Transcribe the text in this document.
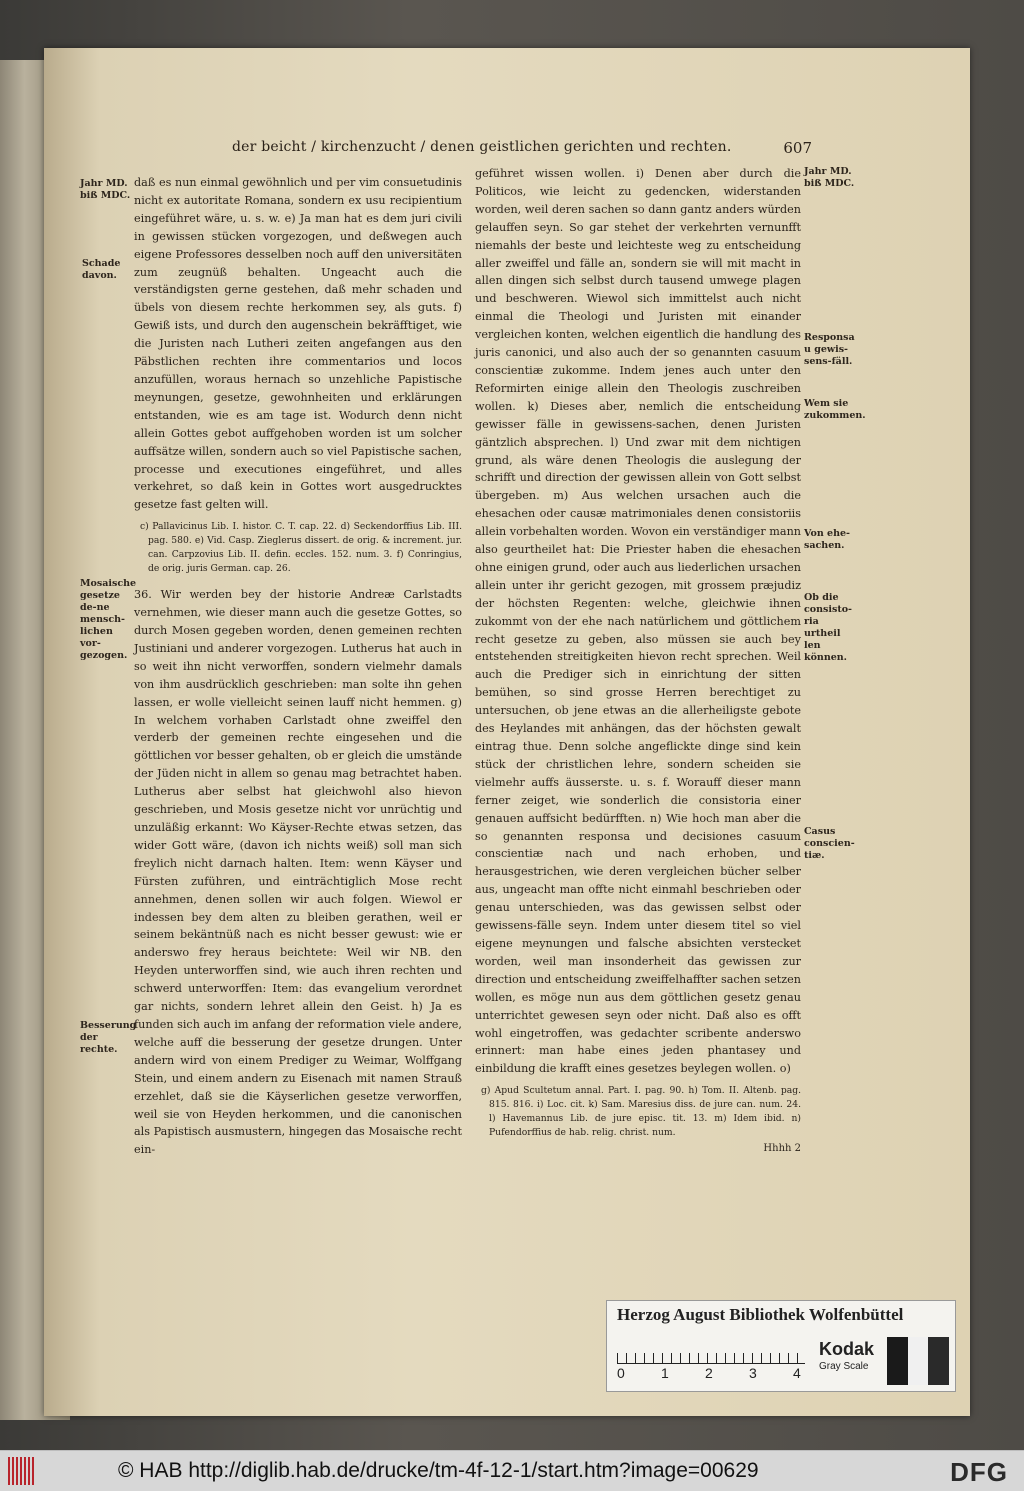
der beicht / kirchenzucht / denen geistlichen gerichten und rechten.	607
Jahr MD. biß MDC.
Schade davon.
Mosaische gesetze de-ne mensch-lichen vor-gezogen.
Besserung der rechte.
Jahr MD. biß MDC.
Responsa u gewis-sens-fäll.
Wem sie zukommen.
Von ehe-sachen.
Ob die consisto-ria urtheil len können.
Casus conscien-tiæ.

daß es nun einmal gewöhnlich und per vim consuetudinis nicht ex autoritate Romana, sondern ex usu recipientium eingeführet wäre, u. s. w. e) Ja man hat es dem juri civili in gewissen stücken vorgezogen, und deßwegen auch eigene Professores desselben noch auff den universitäten zum zeugnüß behalten. Ungeacht auch die verständigsten gerne gestehen, daß mehr schaden und übels von diesem rechte herkommen sey, als guts. f) Gewiß ists, und durch den augenschein bekräfftiget, wie die Juristen nach Lutheri zeiten angefangen aus den Päbstlichen rechten ihre commentarios und locos anzufüllen, woraus hernach so unzehliche Papistische meynungen, gesetze, gewohnheiten und erklärungen entstanden, wie es am tage ist. Wodurch denn nicht allein Gottes gebot auffgehoben worden ist um solcher auffsätze willen, sondern auch so viel Papistische sachen, processe und executiones eingeführet, und alles verkehret, so daß kein in Gottes wort ausgedrucktes gesetze fast gelten will.

c) Pallavicinus Lib. I. histor. C. T. cap. 22. d) Seckendorffius Lib. III. pag. 580. e) Vid. Casp. Zieglerus dissert. de orig. & increment. jur. can. Carpzovius Lib. II. defin. eccles. 152. num. 3. f) Conringius, de orig. juris German. cap. 26.

36. Wir werden bey der historie Andreæ Carlstadts vernehmen, wie dieser mann auch die gesetze Gottes, so durch Mosen gegeben worden, denen gemeinen rechten Justiniani und anderer vorgezogen. Lutherus hat auch in so weit ihn nicht verworffen, sondern vielmehr damals von ihm ausdrücklich geschrieben: man solte ihn gehen lassen, er wolle vielleicht seinen lauff nicht hemmen. g) In welchem vorhaben Carlstadt ohne zweiffel den verderb der gemeinen rechte eingesehen und die göttlichen vor besser gehalten, ob er gleich die umstände der Jüden nicht in allem so genau mag betrachtet haben. Lutherus aber selbst hat gleichwohl also hievon geschrieben, und Mosis gesetze nicht vor unrüchtig und unzuläßig erkannt: Wo Käyser-Rechte etwas setzen, das wider Gott wäre, (davon ich nichts weiß) soll man sich freylich nicht darnach halten. Item: wenn Käyser und Fürsten zuführen, und einträchtiglich Mose recht annehmen, denen sollen wir auch folgen. Wiewol er indessen bey dem alten zu bleiben gerathen, weil er seinem bekäntnüß nach es nicht besser gewust: wie er anderswo frey heraus beichtete: Weil wir NB. den Heyden unterworffen sind, wie auch ihren rechten und schwerd unterworffen: Item: das evangelium verordnet gar nichts, sondern lehret allein den Geist. h) Ja es funden sich auch im anfang der reformation viele andere, welche auff die besserung der gesetze drungen. Unter andern wird von einem Prediger zu Weimar, Wolffgang Stein, und einem andern zu Eisenach mit namen Strauß erzehlet, daß sie die Käyserlichen gesetze verworffen, weil sie von Heyden herkommen, und die canonischen als Papistisch ausmustern, hingegen das Mosaische recht ein-

geführet wissen wollen. i) Denen aber durch die Politicos, wie leicht zu gedencken, widerstanden worden, weil deren sachen so dann gantz anders würden gelauffen seyn. So gar stehet der verkehrten vernunfft niemahls der beste und leichteste weg zu entscheidung aller zweiffel und fälle an, sondern sie will mit macht in allen dingen sich selbst durch tausend umwege plagen und beschweren. Wiewol sich immittelst auch nicht einmal die Theologi und Juristen mit einander vergleichen konten, welchen eigentlich die handlung des juris canonici, und also auch der so genannten casuum conscientiæ zukomme. Indem jenes auch unter den Reformirten einige allein den Theologis zuschreiben wollen. k) Dieses aber, nemlich die entscheidung gewisser fälle in gewissens-sachen, denen Juristen gäntzlich absprechen. l) Und zwar mit dem nichtigen grund, als wäre denen Theologis die auslegung der schrifft und direction der gewissen allein von Gott selbst übergeben. m) Aus welchen ursachen auch die ehesachen oder causæ matrimoniales denen consistoriis allein vorbehalten worden. Wovon ein verständiger mann also geurtheilet hat: Die Priester haben die ehesachen ohne einigen grund, oder auch aus liederlichen ursachen allein unter ihr gericht gezogen, mit grossem præjudiz der höchsten Regenten: welche, gleichwie ihnen zukommt von der ehe nach natürlichem und göttlichem recht gesetze zu geben, also müssen sie auch bey entstehenden streitigkeiten hievon recht sprechen. Weil auch die Prediger sich in einrichtung der sitten bemühen, so sind grosse Herren berechtiget zu untersuchen, ob jene etwas an die allerheiligste gebote des Heylandes mit anhängen, das der höchsten gewalt eintrag thue. Denn solche angeflickte dinge sind kein stück der christlichen lehre, sondern scheiden sie vielmehr auffs äusserste. u. s. f. Worauff dieser mann ferner zeiget, wie sonderlich die consistoria einer genauen auffsicht bedürfften. n) Wie hoch man aber die so genannten responsa und decisiones casuum conscientiæ nach und nach erhoben, und herausgestrichen, wie deren vergleichen bücher selber aus, ungeacht man offte nicht einmahl beschrieben oder genau unterschieden, was das gewissen selbst oder gewissens-fälle seyn. Indem unter diesem titel so viel eigene meynungen und falsche absichten verstecket worden, weil man insonderheit das gewissen zur direction und entscheidung zweiffelhaffter sachen setzen wollen, es möge nun aus dem göttlichen gesetz genau unterrichtet gewesen seyn oder nicht. Daß also es offt wohl eingetroffen, was gedachter scribente anderswo erinnert: man habe eines jeden phantasey und einbildung die krafft eines gesetzes beylegen wollen. o)

g) Apud Scultetum annal. Part. I. pag. 90. h) Tom. II. Altenb. pag. 815. 816. i) Loc. cit. k) Sam. Maresius diss. de jure can. num. 24. l) Havemannus Lib. de jure episc. tit. 13. m) Idem ibid. n) Pufendorffius de hab. relig. christ. num.

Hhhh 2

Herzog August Bibliothek Wolfenbüttel
0	1	2	3	4
Kodak
Gray Scale
© HAB http://diglib.hab.de/drucke/tm-4f-12-1/start.htm?image=00629	DFG
